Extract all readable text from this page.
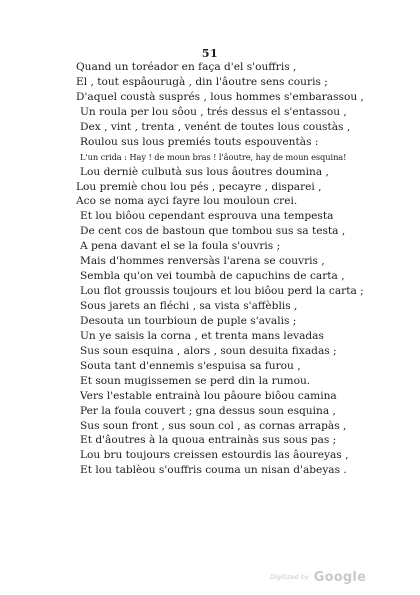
51
Quand un toréador en faça d'el s'ouffris ,
El , tout espâourugà , din l'âoutre sens couris ;
D'aquel coustà susprés , lous hommes s'embarassou ,
Un roula per lou sôou , trés dessus el s'entassou ,
Dex , vint , trenta , venént de toutes lous coustàs ,
Roulou sus lous premiés touts espouventàs :
L'un crida : Hay ! de moun bras ! l'âoutre, hay de moun esquina!
Lou derniè culbutà sus lous âoutres doumina ,
Lou premiè chou lou pés , pecayre , disparei ,
Aco se noma ayci fayre lou mouloun crei.
Et lou biôou cependant esprouva una tempesta
De cent cos de bastoun que tombou sus sa testa ,
A pena davant el se la foula s'ouvris ;
Mais d'hommes renversàs l'arena se couvris ,
Sembla qu'on vei toumbà de capuchins de carta ,
Lou flot groussis toujours et lou biôou perd la carta ;
Sous jarets an fléchi , sa vista s'affèblis ,
Desouta un tourbioun de puple s'avalis ;
Un ye saisis la corna , et trenta mans levadas
Sus soun esquina , alors , soun desuita fixadas ;
Souta tant d'ennemis s'espuisa sa furou ,
Et soun mugissemen se perd din la rumou.
Vers l'estable entrainà lou pâoure biôou camina
Per la foula couvert ; gna dessus soun esquina ,
Sus soun front , sus soun col , as cornas arrapàs ,
Et d'âoutres à la quoua entrainàs sus sous pas ;
Lou bru toujours creissen estourdis las âoureyas ,
Et lou tablèou s'ouffris couma un nisan d'abeyas .
Digitized by Google
